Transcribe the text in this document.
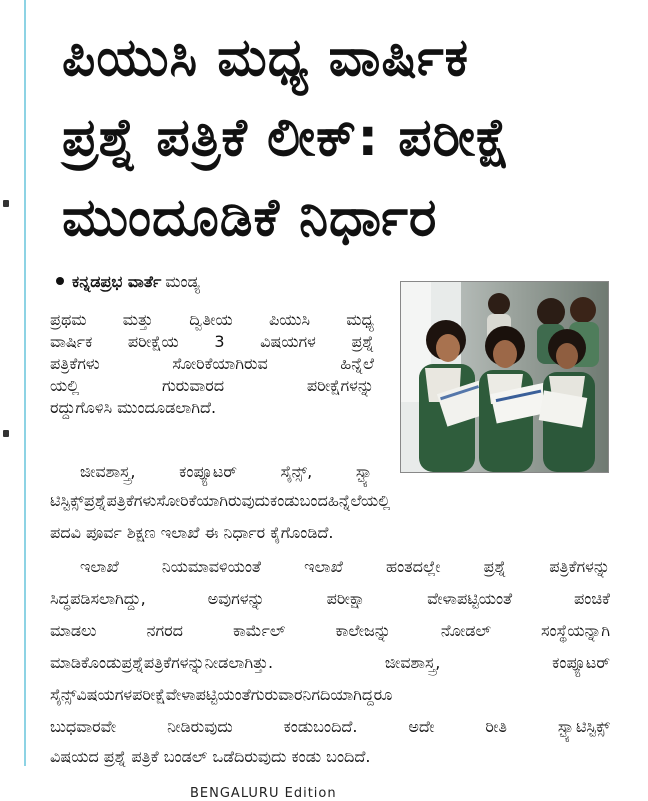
ಪಿಯುಸಿ ಮಧ್ಯ ವಾರ್ಷಿಕ
ಪ್ರಶ್ನೆ ಪತ್ರಿಕೆ ಲೀಕ್: ಪರೀಕ್ಷೆ
ಮುಂದೂಡಿಕೆ ನಿರ್ಧಾರ
ಕನ್ನಡಪ್ರಭ ವಾರ್ತೆ ಮಂಡ್ಯ
ಪ್ರಥಮ ಮತ್ತು ದ್ವಿತೀಯ ಪಿಯುಸಿ ಮಧ್ಯ
ವಾರ್ಷಿಕ ಪರೀಕ್ಷೆಯ 3 ವಿಷಯಗಳ ಪ್ರಶ್ನೆ
ಪತ್ರಿಕೆಗಳು ಸೋರಿಕೆಯಾಗಿರುವ ಹಿನ್ನೆಲೆ
ಯಲ್ಲಿ ಗುರುವಾರದ ಪರೀಕ್ಷೆಗಳನ್ನು
ರದ್ದುಗೊಳಿಸಿ ಮುಂದೂಡಲಾಗಿದೆ.
ಜೀವಶಾಸ್ತ್ರ, ಕಂಪ್ಯೂಟರ್ ಸೈನ್ಸ್, ಸ್ಟ್ಯಾ
ಟಿಸ್ಟಿಕ್ಸ್‌ಪ್ರಶ್ನೆಪತ್ರಿಕೆಗಳುಸೋರಿಕೆಯಾಗಿರುವುದುಕಂಡುಬಂದಹಿನ್ನೆಲೆಯಲ್ಲಿ
ಪದವಿ ಪೂರ್ವ ಶಿಕ್ಷಣ ಇಲಾಖೆ ಈ ನಿರ್ಧಾರ ಕೈಗೊಂಡಿದೆ.
ಇಲಾಖೆ ನಿಯಮಾವಳಿಯಂತೆ ಇಲಾಖೆ ಹಂತದಲ್ಲೇ ಪ್ರಶ್ನೆ ಪತ್ರಿಕೆಗಳನ್ನು
ಸಿದ್ಧಪಡಿಸಲಾಗಿದ್ದು, ಅವುಗಳನ್ನು ಪರೀಕ್ಷಾ ವೇಳಾಪಟ್ಟಿಯಂತೆ ಪಂಚಿಕೆ
ಮಾಡಲು ನಗರದ ಕಾರ್ಮೆಲ್ ಕಾಲೇಜನ್ನು ನೋಡಲ್ ಸಂಸ್ಥೆಯನ್ನಾಗಿ
ಮಾಡಿಕೊಂಡುಪ್ರಶ್ನೆಪತ್ರಿಕೆಗಳನ್ನುನೀಡಲಾಗಿತ್ತು. ಜೀವಶಾಸ್ತ್ರ, ಕಂಪ್ಯೂಟರ್
ಸೈನ್ಸ್‌ವಿಷಯಗಳಪರೀಕ್ಷೆವೇಳಾಪಟ್ಟಿಯಂತೆಗುರುವಾರನಿಗದಿಯಾಗಿದ್ದರೂ
ಬುಧವಾರವೇ ನೀಡಿರುವುದು ಕಂಡುಬಂದಿದೆ. ಅದೇ ರೀತಿ ಸ್ಟ್ಯಾಟಿಸ್ಟಿಕ್ಸ್
ವಿಷಯದ ಪ್ರಶ್ನೆ ಪತ್ರಿಕೆ ಬಂಡಲ್ ಒಡೆದಿರುವುದು ಕಂಡು ಬಂದಿದೆ.
BENGALURU Edition
